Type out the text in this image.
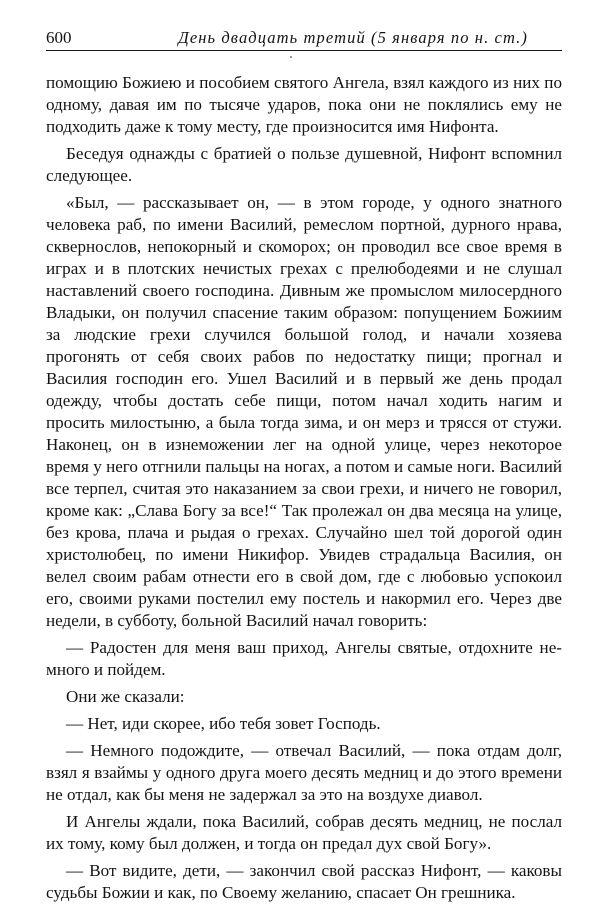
600	День двадцать третий (5 января по н. ст.)

помощию Божиею и пособием святого Ангела, взял каждого из них по одному, давая им по тысяче ударов, пока они не поклялись ему не подходить даже к тому месту, где произносится имя Нифонта.

Беседуя однажды с братией о пользе душевной, Нифонт вспомнил следующее.

«Был, — рассказывает он, — в этом городе, у одного знатного человека раб, по имени Василий, ремеслом портной, дурного нрава, сквернослов, непокорный и скоморох; он проводил все свое время в играх и в плотских нечистых грехах с прелюбодеями и не слушал наставлений своего господина. Дивным же промыслом милосердного Владыки, он получил спасение таким образом: попущением Божиим за людские грехи случился большой голод, и начали хозяева прогонять от себя своих рабов по недостатку пищи; прогнал и Василия господин его. Ушел Василий и в первый же день продал одежду, чтобы достать себе пищи, потом начал ходить нагим и просить милостыню, а была тогда зима, и он мерз и трясся от стужи. Наконец, он в изнеможении лег на одной улице, через некоторое время у него отгнили пальцы на ногах, а потом и самые ноги. Василий все терпел, считая это наказанием за свои грехи, и ничего не говорил, кроме как: „Слава Богу за все!“ Так пролежал он два месяца на улице, без крова, плача и рыдая о грехах. Случайно шел той дорогой один христолюбец, по имени Никифор. Увидев страдальца Василия, он велел своим рабам отнести его в свой дом, где с любовью успокоил его, своими руками постелил ему постель и накормил его. Через две недели, в субботу, больной Василий начал говорить:

— Радостен для меня ваш приход, Ангелы святые, отдохните немного и пойдем.

Они же сказали:

— Нет, иди скорее, ибо тебя зовет Господь.

— Немного подождите, — отвечал Василий, — пока отдам долг, взял я взаймы у одного друга моего десять медниц и до этого времени не отдал, как бы меня не задержал за это на воздухе диавол.

И Ангелы ждали, пока Василий, собрав десять медниц, не послал их тому, кому был должен, и тогда он предал дух свой Богу».

— Вот видите, дети, — закончил свой рассказ Нифонт, — каковы судьбы Божии и как, по Своему желанию, спасает Он грешника.
